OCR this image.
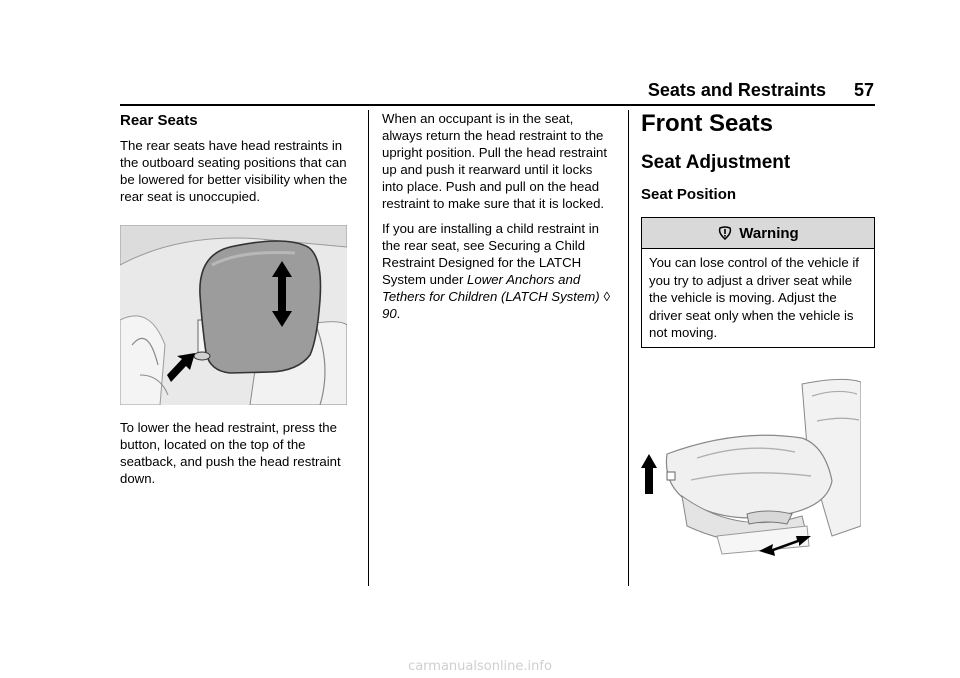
Seats and Restraints 57
Rear Seats

The rear seats have head restraints in the outboard seating positions that can be lowered for better visibility when the rear seat is unoccupied.

To lower the head restraint, press the button, located on the top of the seatback, and push the head restraint down.

When an occupant is in the seat, always return the head restraint to the upright position. Pull the head restraint up and push it rearward until it locks into place. Push and pull on the head restraint to make sure that it is locked.

If you are installing a child restraint in the rear seat, see Securing a Child Restraint Designed for the LATCH System under Lower Anchors and Tethers for Children (LATCH System) ◊ 90.

Front Seats
Seat Adjustment
Seat Position
Warning
You can lose control of the vehicle if you try to adjust a driver seat while the vehicle is moving. Adjust the driver seat only when the vehicle is not moving.
carmanualsonline.info
